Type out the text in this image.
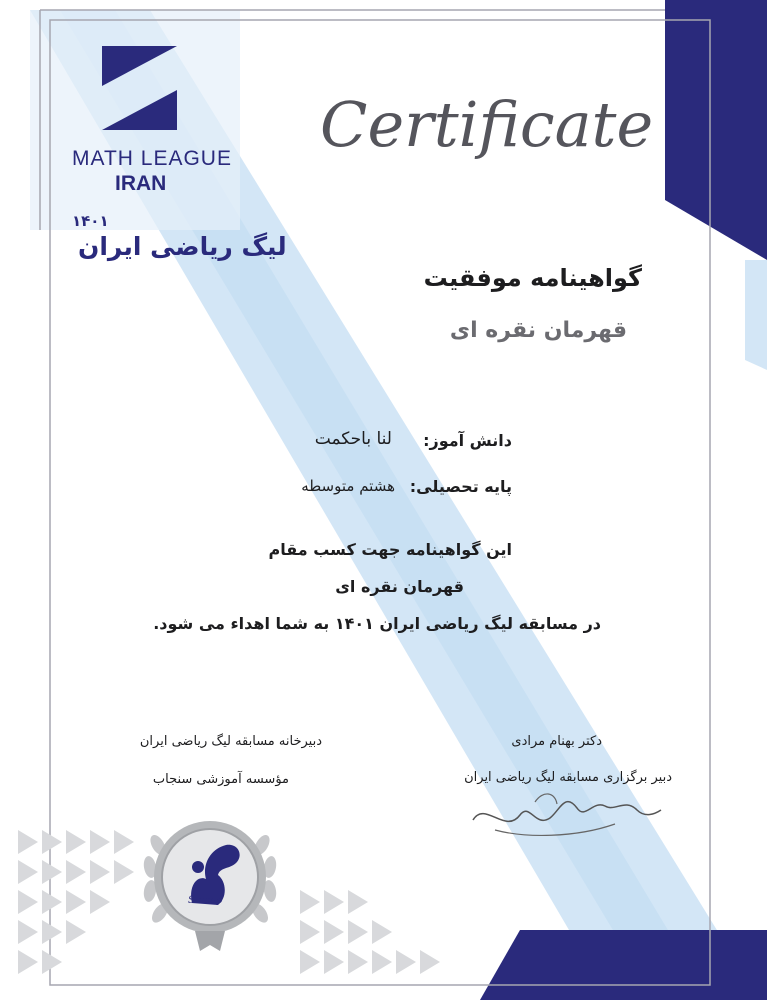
MATH LEAGUE
IRAN
۱۴۰۱
لیگ ریاضی ایران
Certificate
گواهینامه موفقیت
قهرمان نقره ای
دانش آموز:
لنا باحکمت
پایه تحصیلی:
هشتم متوسطه
این گواهینامه جهت کسب مقام
قهرمان نقره ای
در مسابقه لیگ ریاضی ایران ۱۴۰۱ به شما اهداء می شود.
دبیرخانه مسابقه لیگ ریاضی ایران
مؤسسه آموزشی سنجاب
دکتر بهنام مرادی
دبیر برگزاری مسابقه لیگ ریاضی ایران
Sincap
